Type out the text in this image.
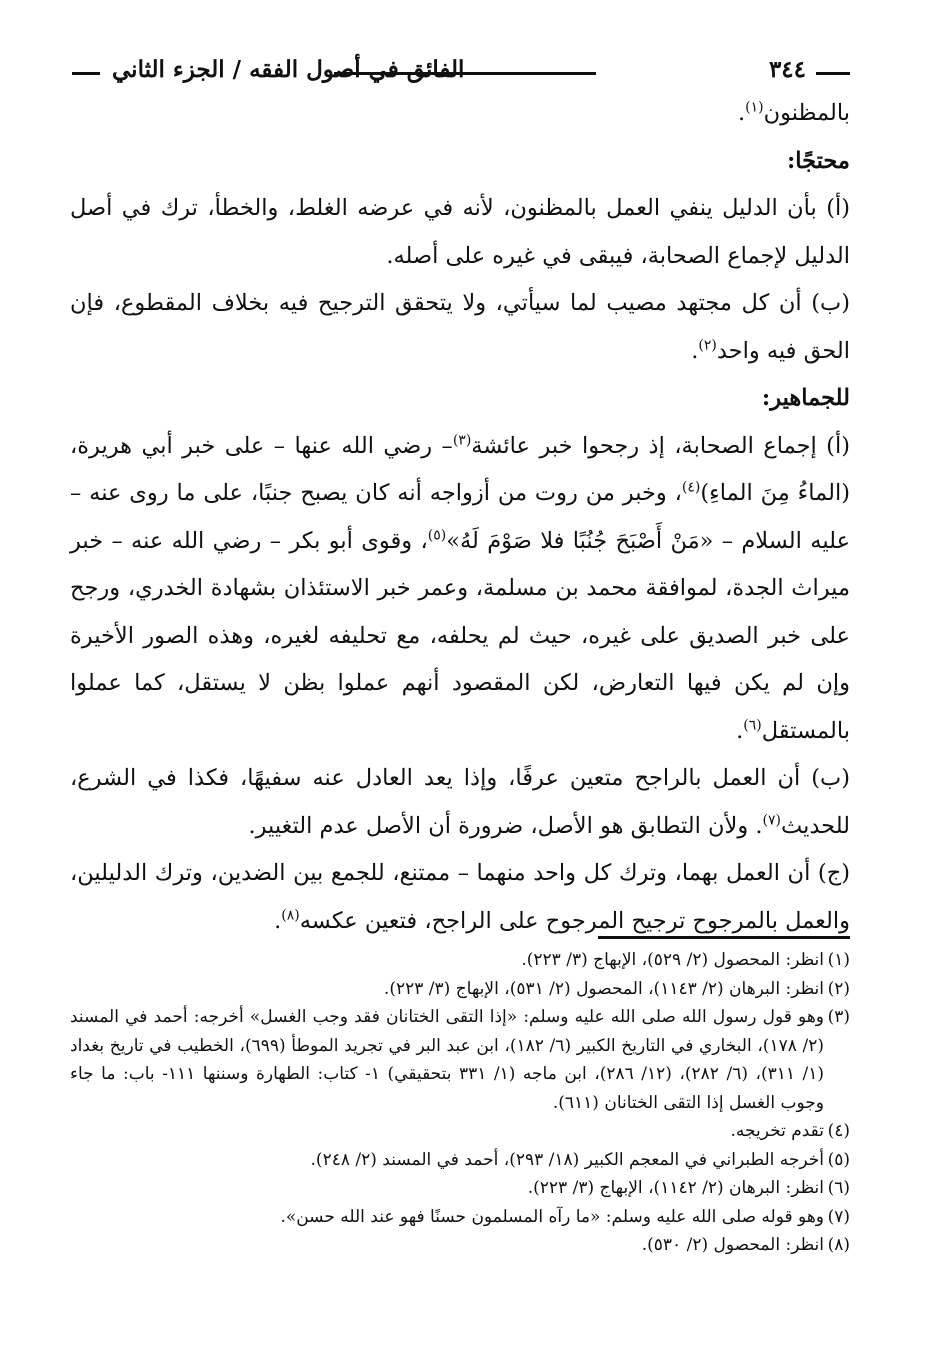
٣٤٤
الفائق في أصول الفقه / الجزء الثاني

بالمظنون$^{(١)}$.

محتجًا:

(أ) بأن الدليل ينفي العمل بالمظنون، لأنه في عرضه الغلط، والخطأ، ترك في أصل الدليل لإجماع الصحابة، فيبقى في غيره على أصله.

(ب) أن كل مجتهد مصيب لما سيأتي، ولا يتحقق الترجيح فيه بخلاف المقطوع، فإن الحق فيه واحد$^{(٢)}$.

للجماهير:

(أ) إجماع الصحابة، إذ رجحوا خبر عائشة$^{(٣)}$– رضي الله عنها – على خبر أبي هريرة، (الماءُ مِنَ الماءِ)$^{(٤)}$، وخبر من روت من أزواجه أنه كان يصبح جنبًا، على ما روى عنه – عليه السلام – «مَنْ أَصْبَحَ جُنُبًا فلا صَوْمَ لَهُ»$^{(٥)}$، وقوى أبو بكر – رضي الله عنه – خبر ميراث الجدة، لموافقة محمد بن مسلمة، وعمر خبر الاستئذان بشهادة الخدري، ورجح على خبر الصديق على غيره، حيث لم يحلفه، مع تحليفه لغيره، وهذه الصور الأخيرة وإن لم يكن فيها التعارض، لكن المقصود أنهم عملوا بظن لا يستقل، كما عملوا بالمستقل$^{(٦)}$.

(ب) أن العمل بالراجح متعين عرفًا، وإذا يعد العادل عنه سفيهًا، فكذا في الشرع، للحديث$^{(٧)}$. ولأن التطابق هو الأصل، ضرورة أن الأصل عدم التغيير.

(ج) أن العمل بهما، وترك كل واحد منهما – ممتنع، للجمع بين الضدين، وترك الدليلين، والعمل بالمرجوح ترجيح المرجوح على الراجح، فتعين عكسه$^{(٨)}$.

(١)
انظر: المحصول (٢/ ٥٢٩)، الإبهاج (٣/ ٢٢٣).

(٢)
انظر: البرهان (٢/ ١١٤٣)، المحصول (٢/ ٥٣١)، الإبهاج (٣/ ٢٢٣).

(٣)
وهو قول رسول الله صلى الله عليه وسلم: «إذا التقى الختانان فقد وجب الغسل» أخرجه: أحمد في المسند (٢/ ١٧٨)، البخاري في التاريخ الكبير (٦/ ١٨٢)، ابن عبد البر في تجريد الموطأ (٦٩٩)، الخطيب في تاريخ بغداد (١/ ٣١١)، (٦/ ٢٨٢)، (١٢/ ٢٨٦)، ابن ماجه (١/ ٣٣١ بتحقيقي) ١- كتاب: الطهارة وسننها ١١١- باب: ما جاء وجوب الغسل إذا التقى الختانان (٦١١).

(٤)
تقدم تخريجه.

(٥)
أخرجه الطبراني في المعجم الكبير (١٨/ ٢٩٣)، أحمد في المسند (٢/ ٢٤٨).

(٦)
انظر: البرهان (٢/ ١١٤٢)، الإبهاج (٣/ ٢٢٣).

(٧)
وهو قوله صلى الله عليه وسلم: «ما رآه المسلمون حسنًا فهو عند الله حسن».

(٨)
انظر: المحصول (٢/ ٥٣٠).
